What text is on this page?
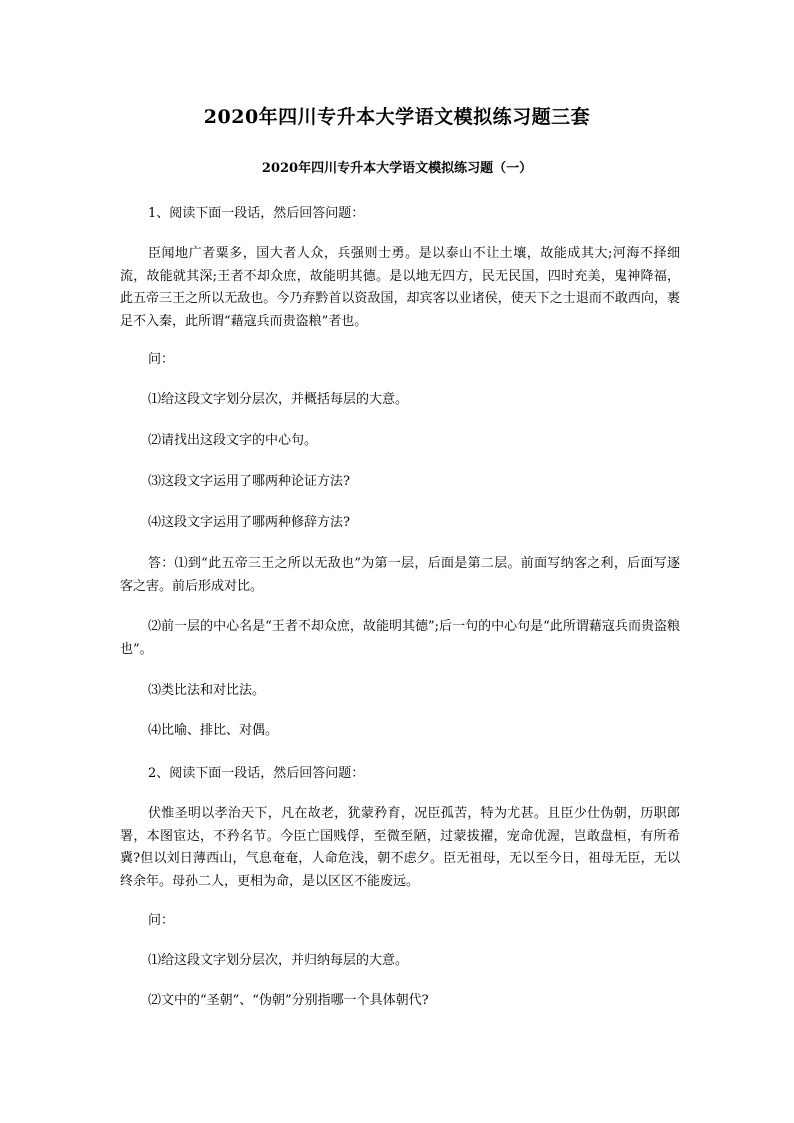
2020年四川专升本大学语文模拟练习题三套
2020年四川专升本大学语文模拟练习题（一）

1、阅读下面一段话，然后回答问题：

臣闻地广者粟多，国大者人众，兵强则士勇。是以泰山不让土壤，故能成其大;河海不择细流，故能就其深;王者不却众庶，故能明其德。是以地无四方，民无民国，四时充美，鬼神降福，此五帝三王之所以无敌也。今乃弃黔首以资敌国，却宾客以业诸侯，使天下之士退而不敢西向，裹足不入秦，此所谓“藉寇兵而贵盗粮”者也。

问：

⑴给这段文字划分层次，并概括每层的大意。

⑵请找出这段文字的中心句。

⑶这段文字运用了哪两种论证方法?

⑷这段文字运用了哪两种修辞方法?

答：⑴到“此五帝三王之所以无敌也”为第一层，后面是第二层。前面写纳客之利，后面写逐客之害。前后形成对比。

⑵前一层的中心名是“王者不却众庶，故能明其德”;后一句的中心句是“此所谓藉寇兵而贵盗粮也”。

⑶类比法和对比法。

⑷比喻、排比、对偶。

2、阅读下面一段话，然后回答问题：

伏惟圣明以孝治天下，凡在故老，犹蒙矜育，况臣孤苦，特为尤甚。且臣少仕伪朝，历职郎署，本图宦达，不矜名节。今臣亡国贱俘，至微至陋，过蒙拔擢，宠命优渥，岂敢盘桓，有所希冀?但以刘日薄西山，气息奄奄，人命危浅，朝不虑夕。臣无祖母，无以至今日，祖母无臣，无以终余年。母孙二人，更相为命，是以区区不能废远。

问：

⑴给这段文字划分层次，并归纳每层的大意。

⑵文中的“圣朝”、“伪朝”分别指哪一个具体朝代?
